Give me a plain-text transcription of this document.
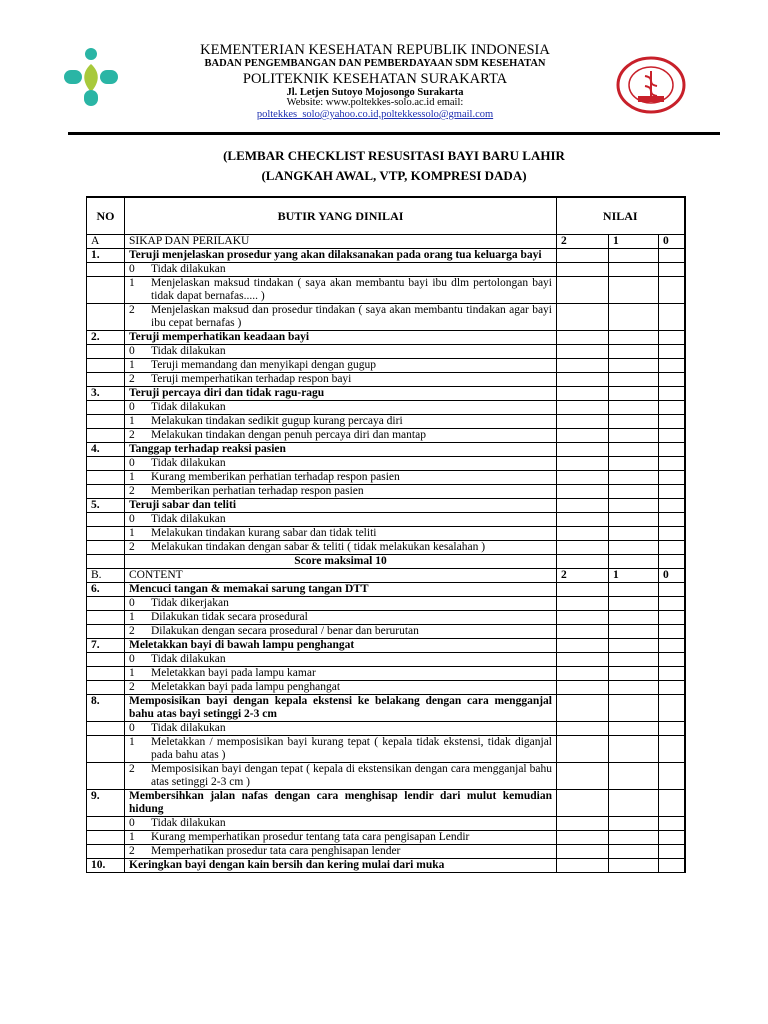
KEMENTERIAN KESEHATAN REPUBLIK INDONESIA
BADAN PENGEMBANGAN DAN PEMBERDAYAAN SDM KESEHATAN
POLITEKNIK KESEHATAN SURAKARTA
Jl. Letjen Sutoyo Mojosongo Surakarta
Website: www.poltekkes-solo.ac.id email:
poltekkes_solo@yahoo.co.id,poltekkessolo@gmail.com
(LEMBAR CHECKLIST RESUSITASI BAYI BARU LAHIR
(LANGKAH AWAL, VTP, KOMPRESI DADA)
NO	BUTIR YANG DINILAI	NILAI		
A	SIKAP DAN PERILAKU	2	1	0
1.	Teruji menjelaskan prosedur yang akan dilaksanakan pada orang tua keluarga bayi			

	0 Tidak dilakukan			

	1 Menjelaskan maksud tindakan ( saya akan membantu bayi ibu dlm pertolongan bayi tidak dapat bernafas..... )			

	2 Menjelaskan maksud dan prosedur tindakan ( saya akan membantu tindakan agar bayi ibu cepat bernafas )			

2.	Teruji memperhatikan keadaan bayi			

	0 Tidak dilakukan			

	1 Teruji memandang dan menyikapi dengan gugup			

	2 Teruji memperhatikan terhadap respon bayi			

3.	Teruji percaya diri dan tidak ragu-ragu			

	0 Tidak dilakukan			

	1 Melakukan tindakan sedikit gugup kurang percaya diri			

	2 Melakukan tindakan dengan penuh percaya diri dan mantap			

4.	Tanggap terhadap reaksi pasien			

	0 Tidak dilakukan			

	1 Kurang memberikan perhatian terhadap respon pasien			

	2 Memberikan perhatian terhadap respon pasien			

5.	Teruji sabar dan teliti			

	0 Tidak dilakukan			

	1 Melakukan tindakan kurang sabar dan tidak teliti			

	2 Melakukan tindakan dengan sabar & teliti ( tidak melakukan kesalahan )			

	Score maksimal 10			
B.	CONTENT	2	1	0
6.	Mencuci tangan & memakai sarung tangan DTT			

	0 Tidak dikerjakan			

	1 Dilakukan tidak secara prosedural			

	2 Dilakukan dengan secara prosedural / benar dan berurutan			

7.	Meletakkan bayi di bawah lampu penghangat			

	0 Tidak dilakukan			

	1 Meletakkan bayi pada lampu kamar			

	2 Meletakkan bayi pada lampu penghangat			

8.	Memposisikan bayi dengan kepala ekstensi ke belakang dengan cara mengganjal bahu atas bayi setinggi 2-3 cm			

	0 Tidak dilakukan			

	1 Meletakkan / memposisikan bayi kurang tepat ( kepala tidak ekstensi, tidak diganjal pada bahu atas )			

	2 Memposisikan bayi dengan tepat ( kepala di ekstensikan dengan cara mengganjal bahu atas setinggi 2-3 cm )			

9.	Membersihkan jalan nafas dengan cara menghisap lendir dari mulut kemudian hidung			

	0 Tidak dilakukan			

	1 Kurang memperhatikan prosedur tentang tata cara pengisapan Lendir			

	2 Memperhatikan prosedur tata cara penghisapan lender			

10.	Keringkan bayi dengan kain bersih dan kering mulai dari muka			
